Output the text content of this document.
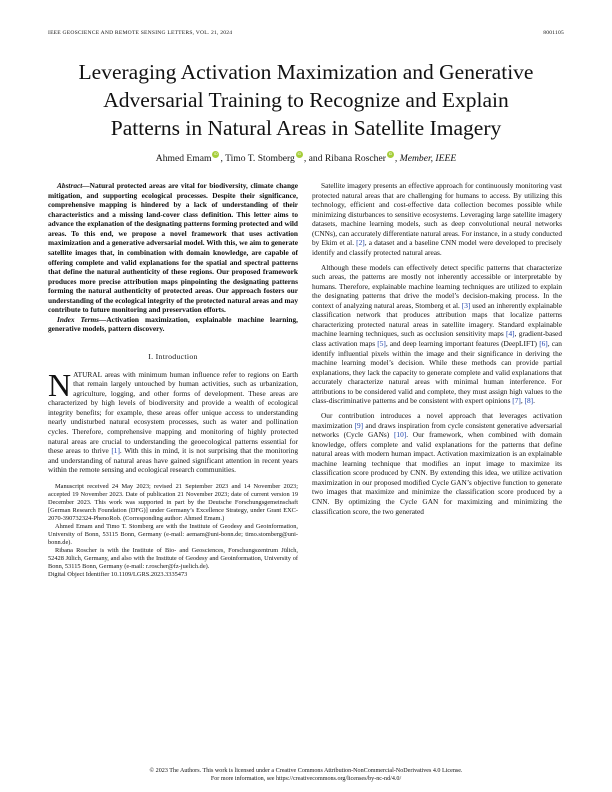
IEEE GEOSCIENCE AND REMOTE SENSING LETTERS, VOL. 21, 2024	8001105
Leveraging Activation Maximization and Generative
Adversarial Training to Recognize and Explain
Patterns in Natural Areas in Satellite Imagery
Ahmed Emam iD , Timo T. Stomberg iD , and Ribana Roscher iD , Member, IEEE

Abstract—Natural protected areas are vital for biodiversity, climate change mitigation, and supporting ecological processes. Despite their significance, comprehensive mapping is hindered by a lack of understanding of their characteristics and a missing land-cover class definition. This letter aims to advance the explanation of the designating patterns forming protected and wild areas. To this end, we propose a novel framework that uses activation maximization and a generative adversarial model. With this, we aim to generate satellite images that, in combination with domain knowledge, are capable of offering complete and valid explanations for the spatial and spectral patterns that define the natural authenticity of these regions. Our proposed framework produces more precise attribution maps pinpointing the designating patterns forming the natural authenticity of protected areas. Our approach fosters our understanding of the ecological integrity of the protected natural areas and may contribute to future monitoring and preservation efforts.

Index Terms—Activation maximization, explainable machine learning, generative models, pattern discovery.

I. Introduction

NATURAL areas with minimum human influence refer to regions on Earth that remain largely untouched by human activities, such as urbanization, agriculture, logging, and other forms of development. These areas are characterized by high levels of biodiversity and provide a wealth of ecological integrity benefits; for example, these areas offer unique access to understanding nearly undisturbed natural ecosystem processes, such as water and pollination cycles. Therefore, comprehensive mapping and monitoring of highly protected natural areas are crucial to understanding the geoecological patterns essential for these areas to thrive [1]. With this in mind, it is not surprising that the monitoring and understanding of natural areas have gained significant attention in recent years within the remote sensing and ecological research communities.

Manuscript received 24 May 2023; revised 21 September 2023 and 14 November 2023; accepted 19 November 2023. Date of publication 21 November 2023; date of current version 19 December 2023. This work was supported in part by the Deutsche Forschungsgemeinschaft [German Research Foundation (DFG)] under Germany’s Excellence Strategy, under Grant EXC-2070-390732324-PhenoRob. (Corresponding author: Ahmed Emam.)

Ahmed Emam and Timo T. Stomberg are with the Institute of Geodesy and Geoinformation, University of Bonn, 53115 Bonn, Germany (e-mail: aemam@uni-bonn.de; timo.stomberg@uni-bonn.de).

Ribana Roscher is with the Institute of Bio- and Geosciences, Forschungszentrum Jülich, 52428 Jülich, Germany, and also with the Institute of Geodesy and Geoinformation, University of Bonn, 53115 Bonn, Germany (e-mail: r.roscher@fz-juelich.de).

Digital Object Identifier 10.1109/LGRS.2023.3335473

Satellite imagery presents an effective approach for continuously monitoring vast protected natural areas that are challenging for humans to access. By utilizing this technology, efficient and cost-effective data collection becomes possible while minimizing disturbances to sensitive ecosystems. Leveraging large satellite imagery datasets, machine learning models, such as deep convolutional neural networks (CNNs), can accurately differentiate natural areas. For instance, in a study conducted by Ekim et al. [2], a dataset and a baseline CNN model were developed to precisely identify and classify protected natural areas.

Although these models can effectively detect specific patterns that characterize such areas, the patterns are mostly not inherently accessible or interpretable by humans. Therefore, explainable machine learning techniques are utilized to explain the designating patterns that drive the model’s decision-making process. In the context of analyzing natural areas, Stomberg et al. [3] used an inherently explainable classification network that produces attribution maps that localize patterns characterizing protected natural areas in satellite imagery. Standard explainable machine learning techniques, such as occlusion sensitivity maps [4], gradient-based class activation maps [5], and deep learning important features (DeepLIFT) [6], can identify influential pixels within the image and their significance in deriving the machine learning model’s decision. While these methods can provide partial explanations, they lack the capacity to generate complete and valid explanations that accurately characterize natural areas with minimal human interference. For attributions to be considered valid and complete, they must assign high values to the class-discriminative patterns and be consistent with expert opinions [7], [8].

Our contribution introduces a novel approach that leverages activation maximization [9] and draws inspiration from cycle consistent generative adversarial networks (Cycle GANs) [10]. Our framework, when combined with domain knowledge, offers complete and valid explanations for the patterns that define natural areas with modern human impact. Activation maximization is an explainable machine learning technique that modifies an input image to maximize its classification score produced by CNN. By extending this idea, we utilize activation maximization in our proposed modified Cycle GAN’s objective function to generate two images that maximize and minimize the classification score produced by a CNN. By optimizing the Cycle GAN for maximizing and minimizing the classification score, the two generated

© 2023 The Authors. This work is licensed under a Creative Commons Attribution-NonCommercial-NoDerivatives 4.0 License.
For more information, see https://creativecommons.org/licenses/by-nc-nd/4.0/
